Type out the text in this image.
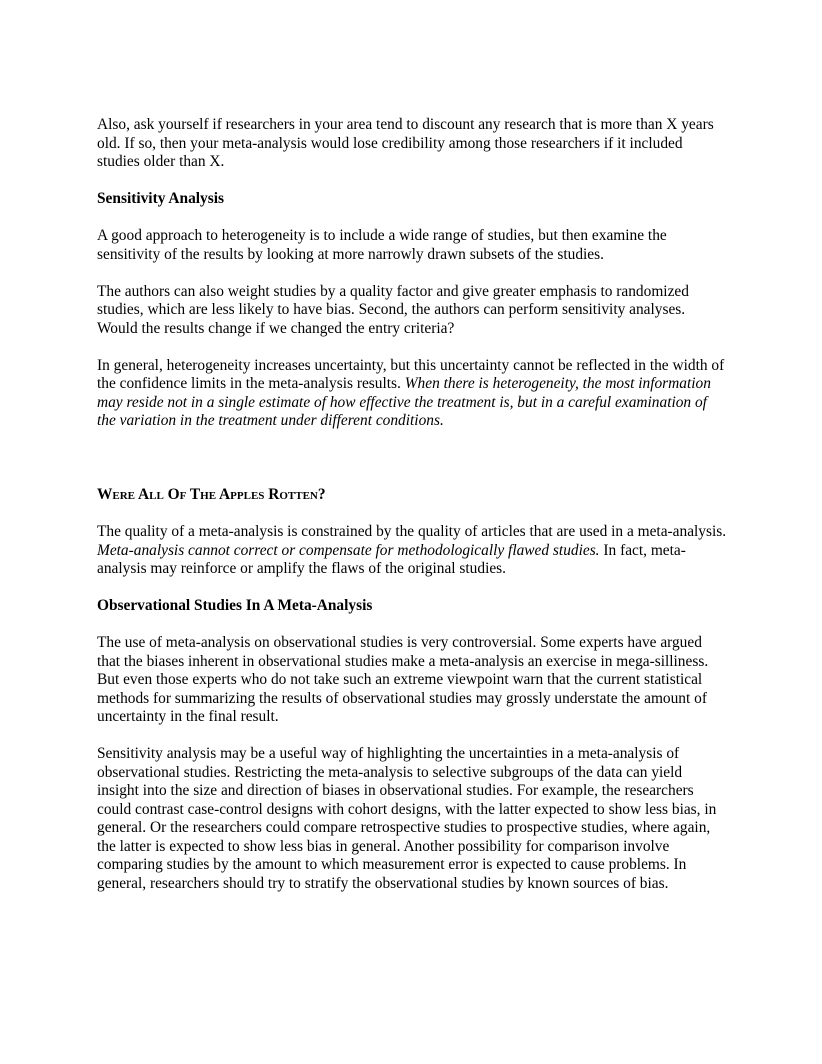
Also, ask yourself if researchers in your area tend to discount any research that is more than X years old. If so, then your meta-analysis would lose credibility among those researchers if it included studies older than X.

Sensitivity Analysis

A good approach to heterogeneity is to include a wide range of studies, but then examine the sensitivity of the results by looking at more narrowly drawn subsets of the studies.

The authors can also weight studies by a quality factor and give greater emphasis to randomized studies, which are less likely to have bias. Second, the authors can perform sensitivity analyses. Would the results change if we changed the entry criteria?

In general, heterogeneity increases uncertainty, but this uncertainty cannot be reflected in the width of the confidence limits in the meta-analysis results. When there is heterogeneity, the most information may reside not in a single estimate of how effective the treatment is, but in a careful examination of the variation in the treatment under different conditions.

Were All Of The Apples Rotten?

The quality of a meta-analysis is constrained by the quality of articles that are used in a meta-analysis. Meta-analysis cannot correct or compensate for methodologically flawed studies. In fact, meta-analysis may reinforce or amplify the flaws of the original studies.

Observational Studies In A Meta-Analysis

The use of meta-analysis on observational studies is very controversial. Some experts have argued that the biases inherent in observational studies make a meta-analysis an exercise in mega-silliness. But even those experts who do not take such an extreme viewpoint warn that the current statistical methods for summarizing the results of observational studies may grossly understate the amount of uncertainty in the final result.

Sensitivity analysis may be a useful way of highlighting the uncertainties in a meta-analysis of observational studies. Restricting the meta-analysis to selective subgroups of the data can yield insight into the size and direction of biases in observational studies. For example, the researchers could contrast case-control designs with cohort designs, with the latter expected to show less bias, in general. Or the researchers could compare retrospective studies to prospective studies, where again, the latter is expected to show less bias in general. Another possibility for comparison involve comparing studies by the amount to which measurement error is expected to cause problems. In general, researchers should try to stratify the observational studies by known sources of bias.
